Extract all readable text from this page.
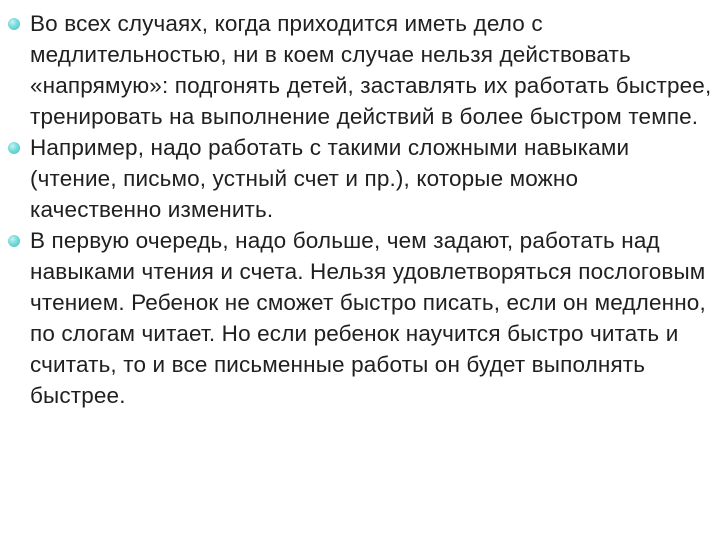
Во всех случаях, когда приходится иметь дело с медлительностью, ни в коем случае нельзя действовать «напрямую»: подгонять детей, заставлять их работать быстрее, тренировать на выполнение действий в более быстром темпе.
Например, надо работать с такими сложными навыками (чтение, письмо, устный счет и пр.), которые можно качественно изменить.
В первую очередь, надо больше, чем задают, работать над навыками чтения и счета. Нельзя удовлетворяться послоговым чтением. Ребенок не сможет быстро писать, если он медленно, по слогам читает. Но если ребенок научится быстро читать и считать, то и все письменные работы он будет выполнять быстрее.
